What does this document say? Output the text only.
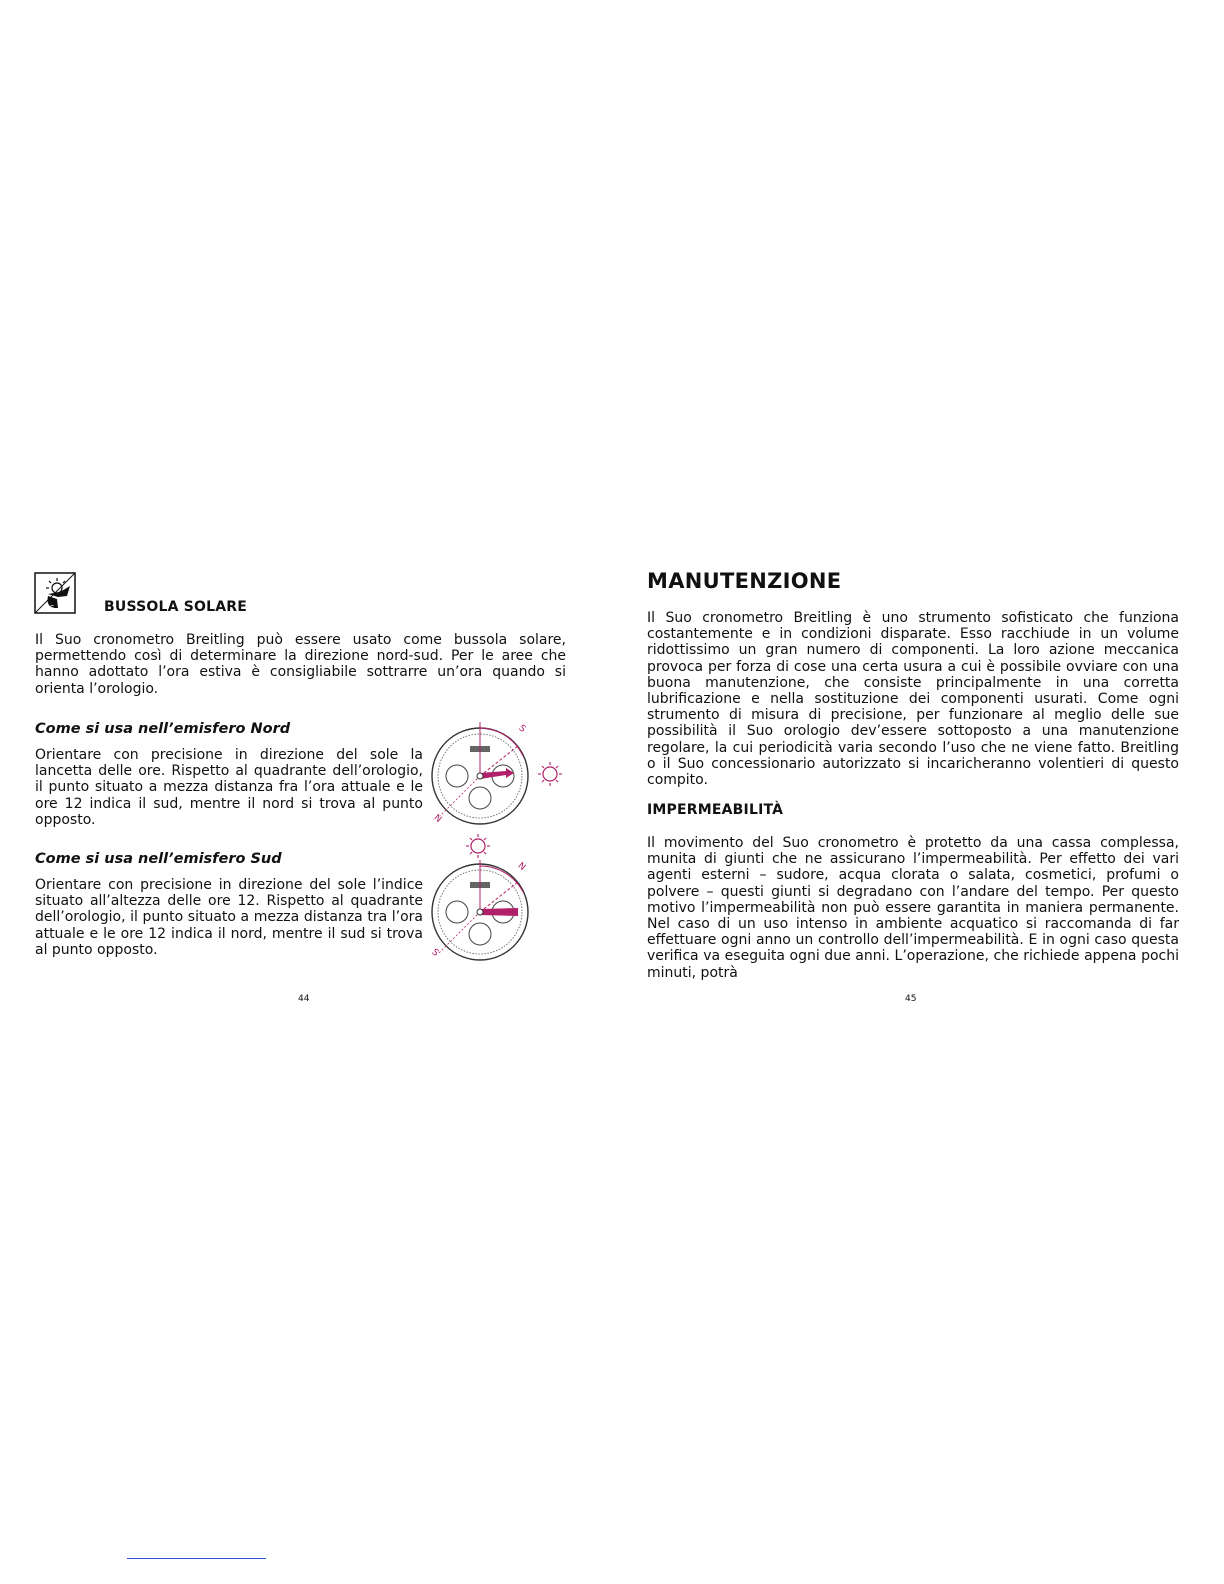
S	BUSSOLA SOLARE

Il Suo cronometro Breitling può essere usato come bussola solare, permettendo così di determinare la direzione nord-sud. Per le aree che hanno adottato l’ora estiva è consigliabile sottrarre un’ora quando si orienta l’orologio.

Come si usa nell’emisfero Nord

Orientare con precisione in direzione del sole la lancetta delle ore. Rispetto al quadrante dell’orologio, il punto situato a mezza distanza fra l’ora attuale e le ore 12 indica il sud, mentre il nord si trova al punto opposto.

Come si usa nell’emisfero Sud

Orientare con precisione in direzione del sole l’indice situato all’altezza delle ore 12. Rispetto al quadrante dell’orologio, il punto situato a mezza distanza tra l’ora attuale e le ore 12 indica il nord, mentre il sud si trova al punto opposto.

S
N
N
S
44
MANUTENZIONE

Il Suo cronometro Breitling è uno strumento sofisticato che funziona costantemente e in condizioni disparate. Esso racchiude in un volume ridottissimo un gran numero di componenti. La loro azione meccanica provoca per forza di cose una certa usura a cui è possibile ovviare con una buona manutenzione, che consiste principalmente in una corretta lubrificazione e nella sostituzione dei componenti usurati. Come ogni strumento di misura di precisione, per funzionare al meglio delle sue possibilità il Suo orologio dev’essere sottoposto a una manutenzione regolare, la cui periodicità varia secondo l’uso che ne viene fatto. Breitling o il Suo concessionario autorizzato si incaricheranno volentieri di questo compito.

IMPERMEABILITÀ

Il movimento del Suo cronometro è protetto da una cassa complessa, munita di giunti che ne assicurano l’impermeabilità. Per effetto dei vari agenti esterni – sudore, acqua clorata o salata, cosmetici, profumi o polvere – questi giunti si degradano con l’andare del tempo. Per questo motivo l’impermeabilità non può essere garantita in maniera permanente. Nel caso di un uso intenso in ambiente acquatico si raccomanda di far effettuare ogni anno un controllo dell’impermeabilità. E in ogni caso questa verifica va eseguita ogni due anni. L’operazione, che richiede appena pochi minuti, potrà

45
